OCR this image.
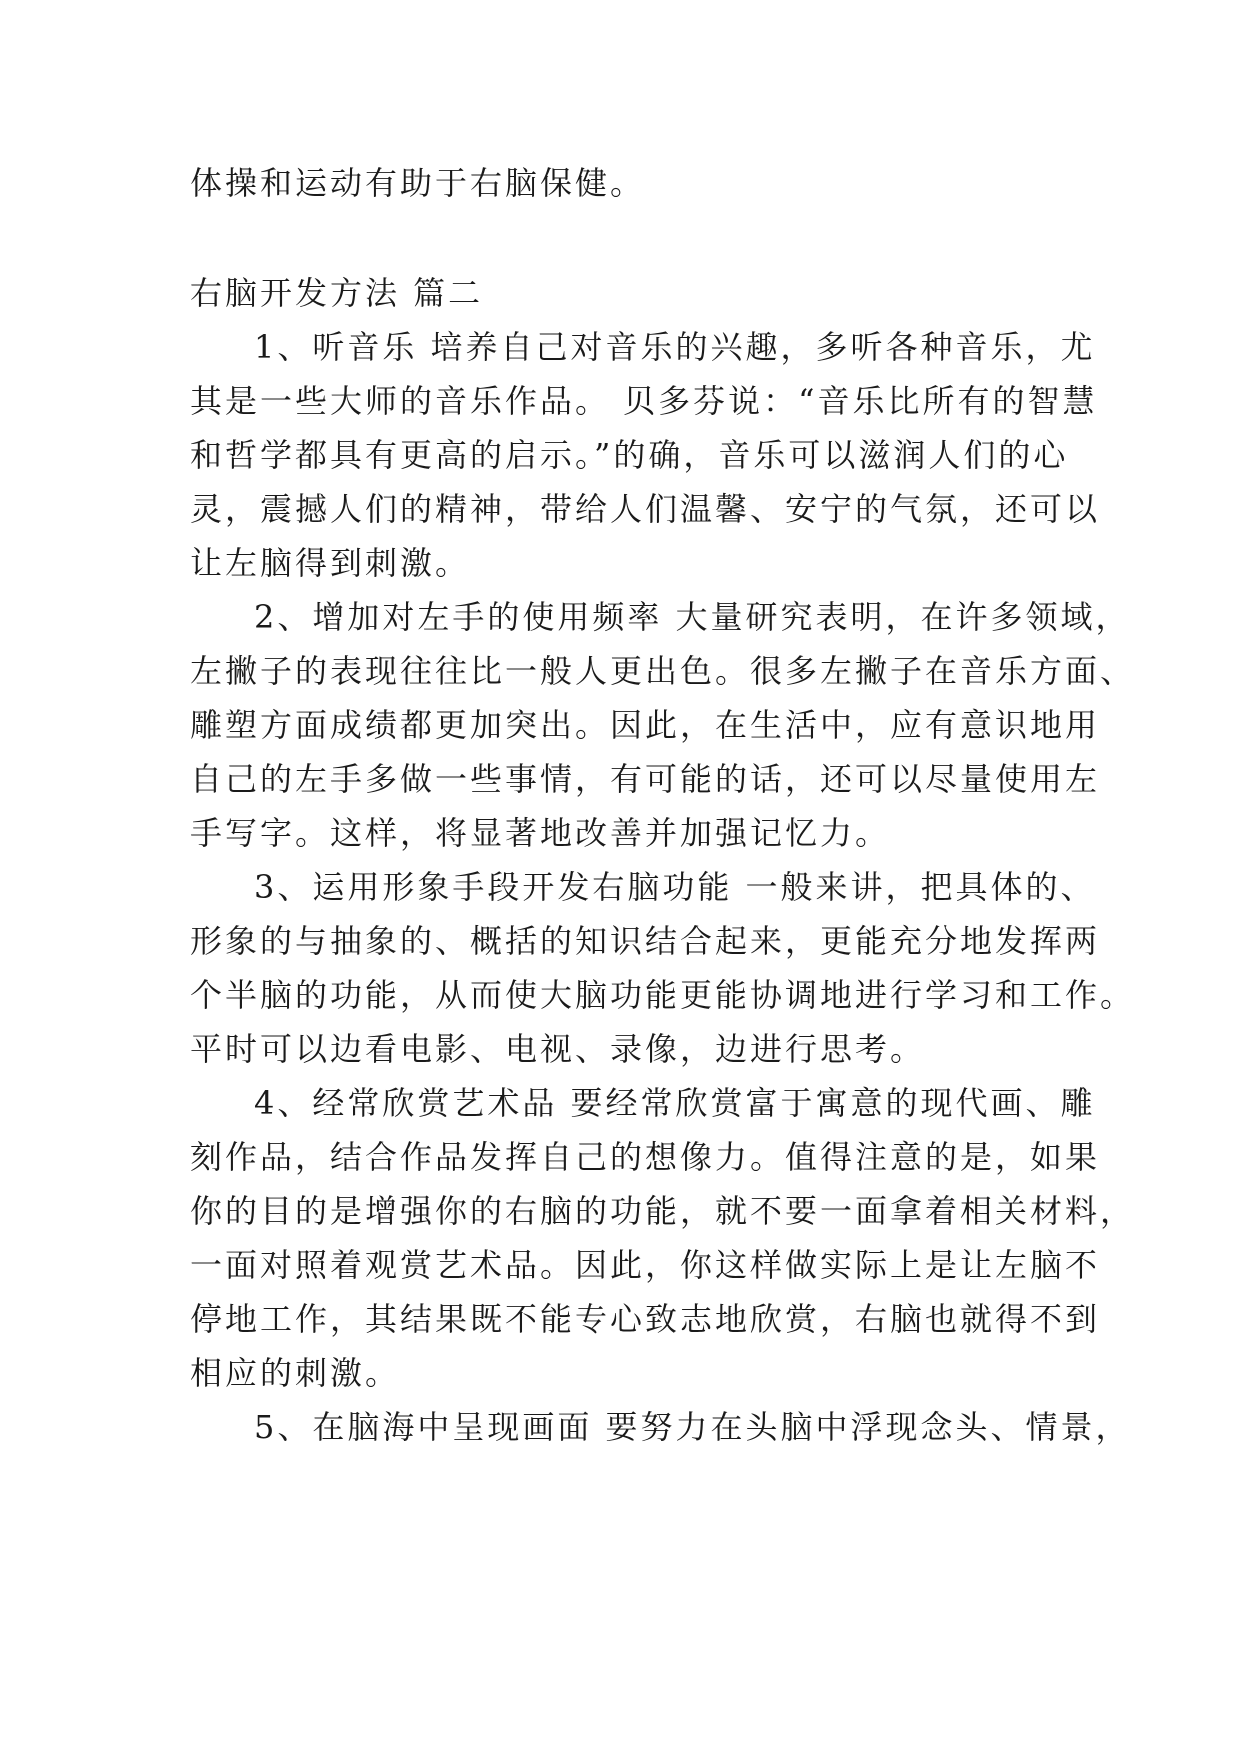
体操和运动有助于右脑保健。
右脑开发方法 篇二
1、听音乐 培养自己对音乐的兴趣，多听各种音乐，尤
其是一些大师的音乐作品。 贝多芬说：“音乐比所有的智慧
和哲学都具有更高的启示。”的确，音乐可以滋润人们的心
灵，震撼人们的精神，带给人们温馨、安宁的气氛，还可以
让左脑得到刺激。
2、增加对左手的使用频率 大量研究表明，在许多领域，
左撇子的表现往往比一般人更出色。很多左撇子在音乐方面、
雕塑方面成绩都更加突出。因此，在生活中，应有意识地用
自己的左手多做一些事情，有可能的话，还可以尽量使用左
手写字。这样，将显著地改善并加强记忆力。
3、运用形象手段开发右脑功能 一般来讲，把具体的、
形象的与抽象的、概括的知识结合起来，更能充分地发挥两
个半脑的功能，从而使大脑功能更能协调地进行学习和工作。
平时可以边看电影、电视、录像，边进行思考。
4、经常欣赏艺术品 要经常欣赏富于寓意的现代画、雕
刻作品，结合作品发挥自己的想像力。值得注意的是，如果
你的目的是增强你的右脑的功能，就不要一面拿着相关材料，
一面对照着观赏艺术品。因此，你这样做实际上是让左脑不
停地工作，其结果既不能专心致志地欣赏，右脑也就得不到
相应的刺激。
5、在脑海中呈现画面 要努力在头脑中浮现念头、情景，
